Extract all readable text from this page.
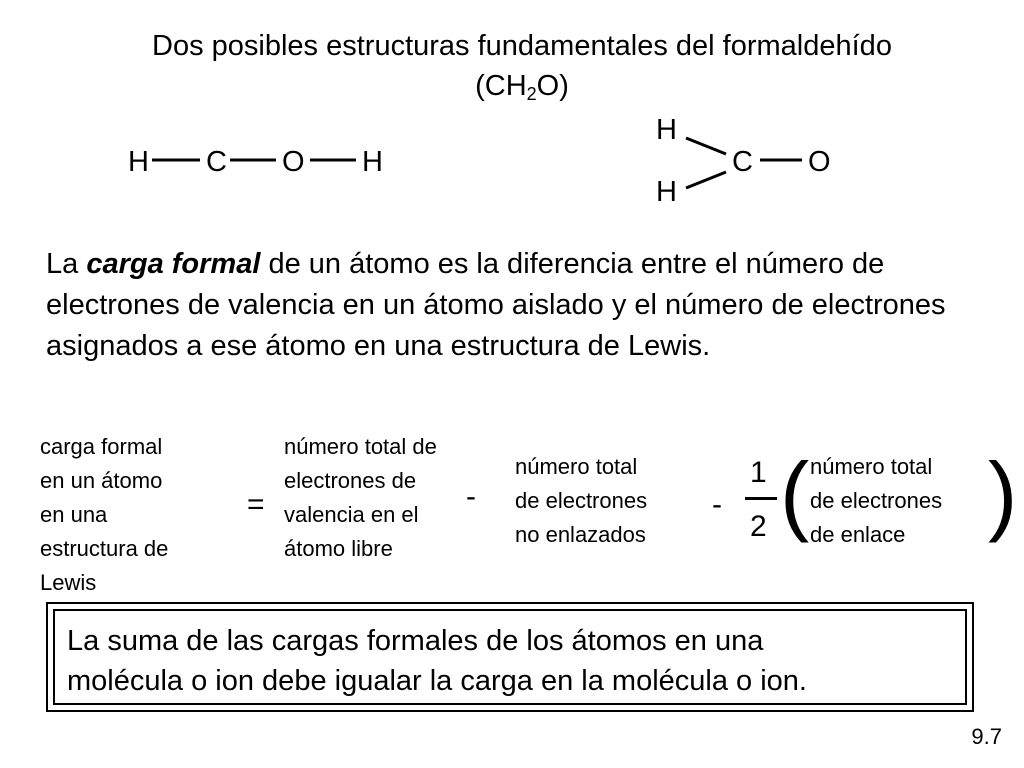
Dos posibles estructuras fundamentales del formaldehído
$(CH_2O)$
H C O H
H
H
C O
La carga formal de un átomo es la diferencia entre el número de electrones de valencia en un átomo aislado y el número de electrones asignados a ese átomo en una estructura de Lewis.
carga formal
en un átomo
en una
estructura de
Lewis
=
número total de
electrones de
valencia en el
átomo libre
-
número total
de electrones
no enlazados
-
1
2 ( número total
de electrones
de enlace )
La suma de las cargas formales de los átomos en una
molécula o ion debe igualar la carga en la molécula o ion.
9.7
